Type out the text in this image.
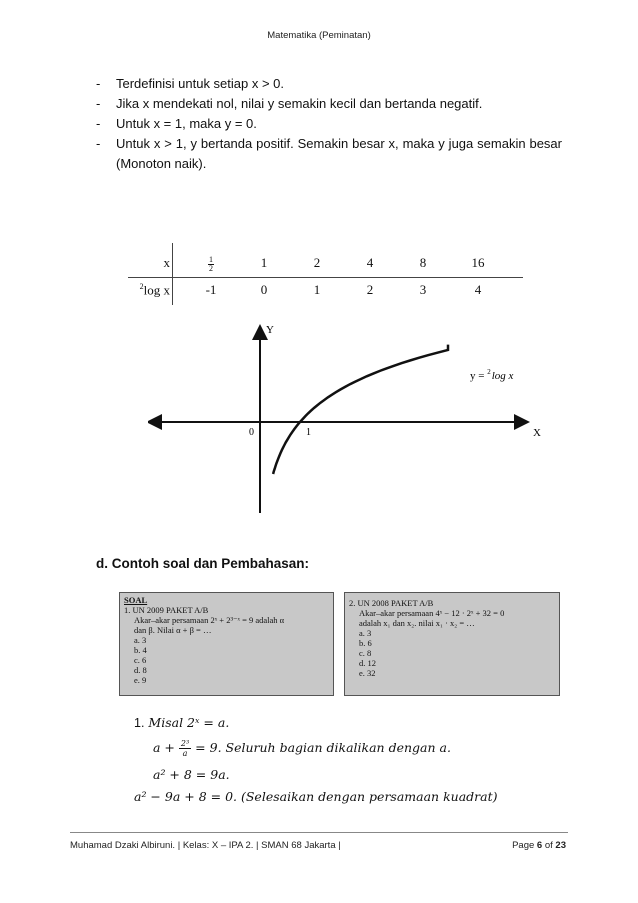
Matematika (Peminatan)
- Terdefinisi untuk setiap x > 0.
- Jika x mendekati nol, nilai y semakin kecil dan bertanda negatif.
- Untuk x = 1, maka y = 0.
- Untuk x > 1, y bertanda positif. Semakin besar x, maka y juga semakin besar (Monoton naik).
x	$\frac{1}{2}$	1	2	4	8	16
$^2$log x	-1	0	1	2	3	4
Y
X
0	1
y = $^2$log x
d. Contoh soal dan Pembahasan:
SOAL
1. UN 2009 PAKET A/B
Akar–akar persamaan 2ˣ + 2³⁻ˣ = 9 adalah α
dan β. Nilai α + β = …
a. 3
b. 4
c. 6
d. 8
e. 9
2. UN 2008 PAKET A/B
Akar–akar persamaan 4ˣ − 12 · 2ˣ + 32 = 0
adalah x₁ dan x₂. nilai x₁ · x₂ = …
a. 3
b. 6
c. 8
d. 12
e. 32
1. Misal 2ˣ = a.
$a + \frac{\text{2³}}{a} = 9$. Seluruh bagian dikalikan dengan a.
a² + 8 = 9a.
a² − 9a + 8 = 0. (Selesaikan dengan persamaan kuadrat)
Muhamad Dzaki Albiruni. | Kelas: X – IPA 2. | SMAN 68 Jakarta |	Page 6 of 23
